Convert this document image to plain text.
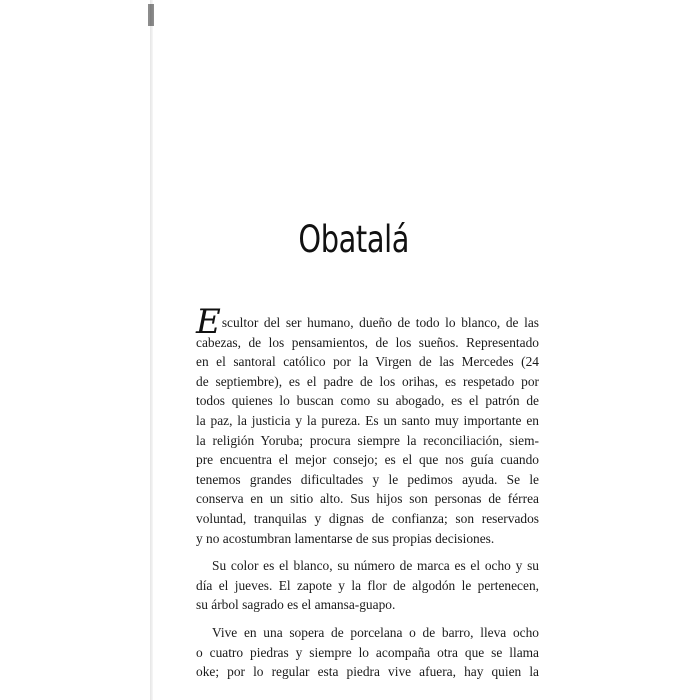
Obatalá
Escultor del ser humano, dueño de todo lo blanco, de las
cabezas, de los pensamientos, de los sueños. Representado
en el santoral católico por la Virgen de las Mercedes (24
de septiembre), es el padre de los orihas, es respetado por
todos quienes lo buscan como su abogado, es el patrón de
la paz, la justicia y la pureza. Es un santo muy importante en
la religión Yoruba; procura siempre la reconciliación, siem-
pre encuentra el mejor consejo; es el que nos guía cuando
tenemos grandes dificultades y le pedimos ayuda. Se le
conserva en un sitio alto. Sus hijos son personas de férrea
voluntad, tranquilas y dignas de confianza; son reservados
y no acostumbran lamentarse de sus propias decisiones.
Su color es el blanco, su número de marca es el ocho y su
día el jueves. El zapote y la flor de algodón le pertenecen,
su árbol sagrado es el amansa-guapo.
Vive en una sopera de porcelana o de barro, lleva ocho
o cuatro piedras y siempre lo acompaña otra que se llama
oke; por lo regular esta piedra vive afuera, hay quien la
